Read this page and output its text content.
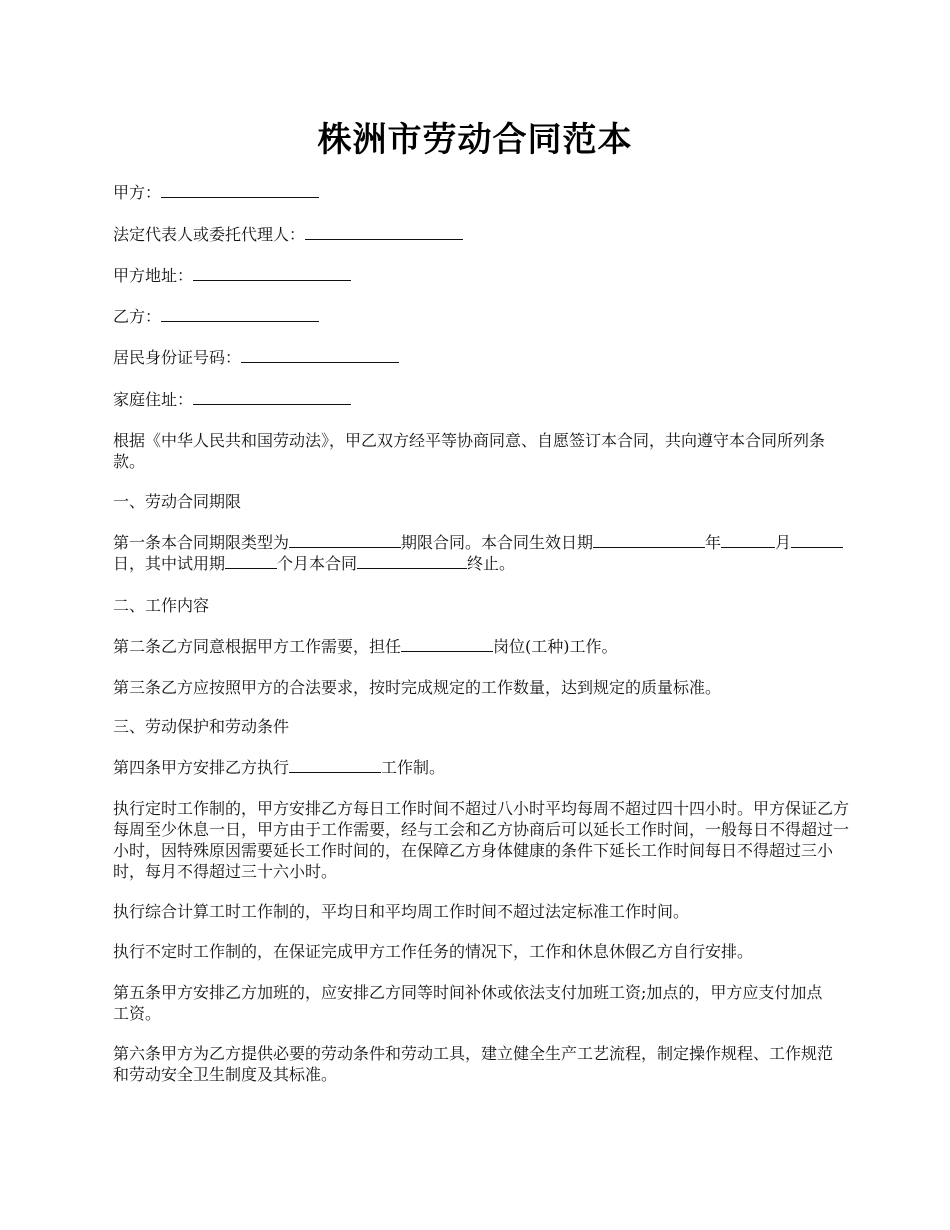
株洲市劳动合同范本
甲方：
法定代表人或委托代理人：
甲方地址：
乙方：
居民身份证号码：
家庭住址：
根据《中华人民共和国劳动法》，甲乙双方经平等协商同意、自愿签订本合同，共向遵守本合同所列条款。
一、劳动合同期限
第一条本合同期限类型为	期限合同。本合同生效日期	年	月日，其中试用期	个月本合同	终止。
二、工作内容
第二条乙方同意根据甲方工作需要，担任	岗位(工种)工作。
第三条乙方应按照甲方的合法要求，按时完成规定的工作数量，达到规定的质量标准。
三、劳动保护和劳动条件
第四条甲方安排乙方执行	工作制。
执行定时工作制的，甲方安排乙方每日工作时间不超过八小时平均每周不超过四十四小时。甲方保证乙方每周至少休息一日，甲方由于工作需要，经与工会和乙方协商后可以延长工作时间，一般每日不得超过一小时，因特殊原因需要延长工作时间的，在保障乙方身体健康的条件下延长工作时间每日不得超过三小时，每月不得超过三十六小时。
执行综合计算工时工作制的，平均日和平均周工作时间不超过法定标准工作时间。
执行不定时工作制的，在保证完成甲方工作任务的情况下，工作和休息休假乙方自行安排。
第五条甲方安排乙方加班的，应安排乙方同等时间补休或依法支付加班工资;加点的，甲方应支付加点工资。
第六条甲方为乙方提供必要的劳动条件和劳动工具，建立健全生产工艺流程，制定操作规程、工作规范和劳动安全卫生制度及其标准。
